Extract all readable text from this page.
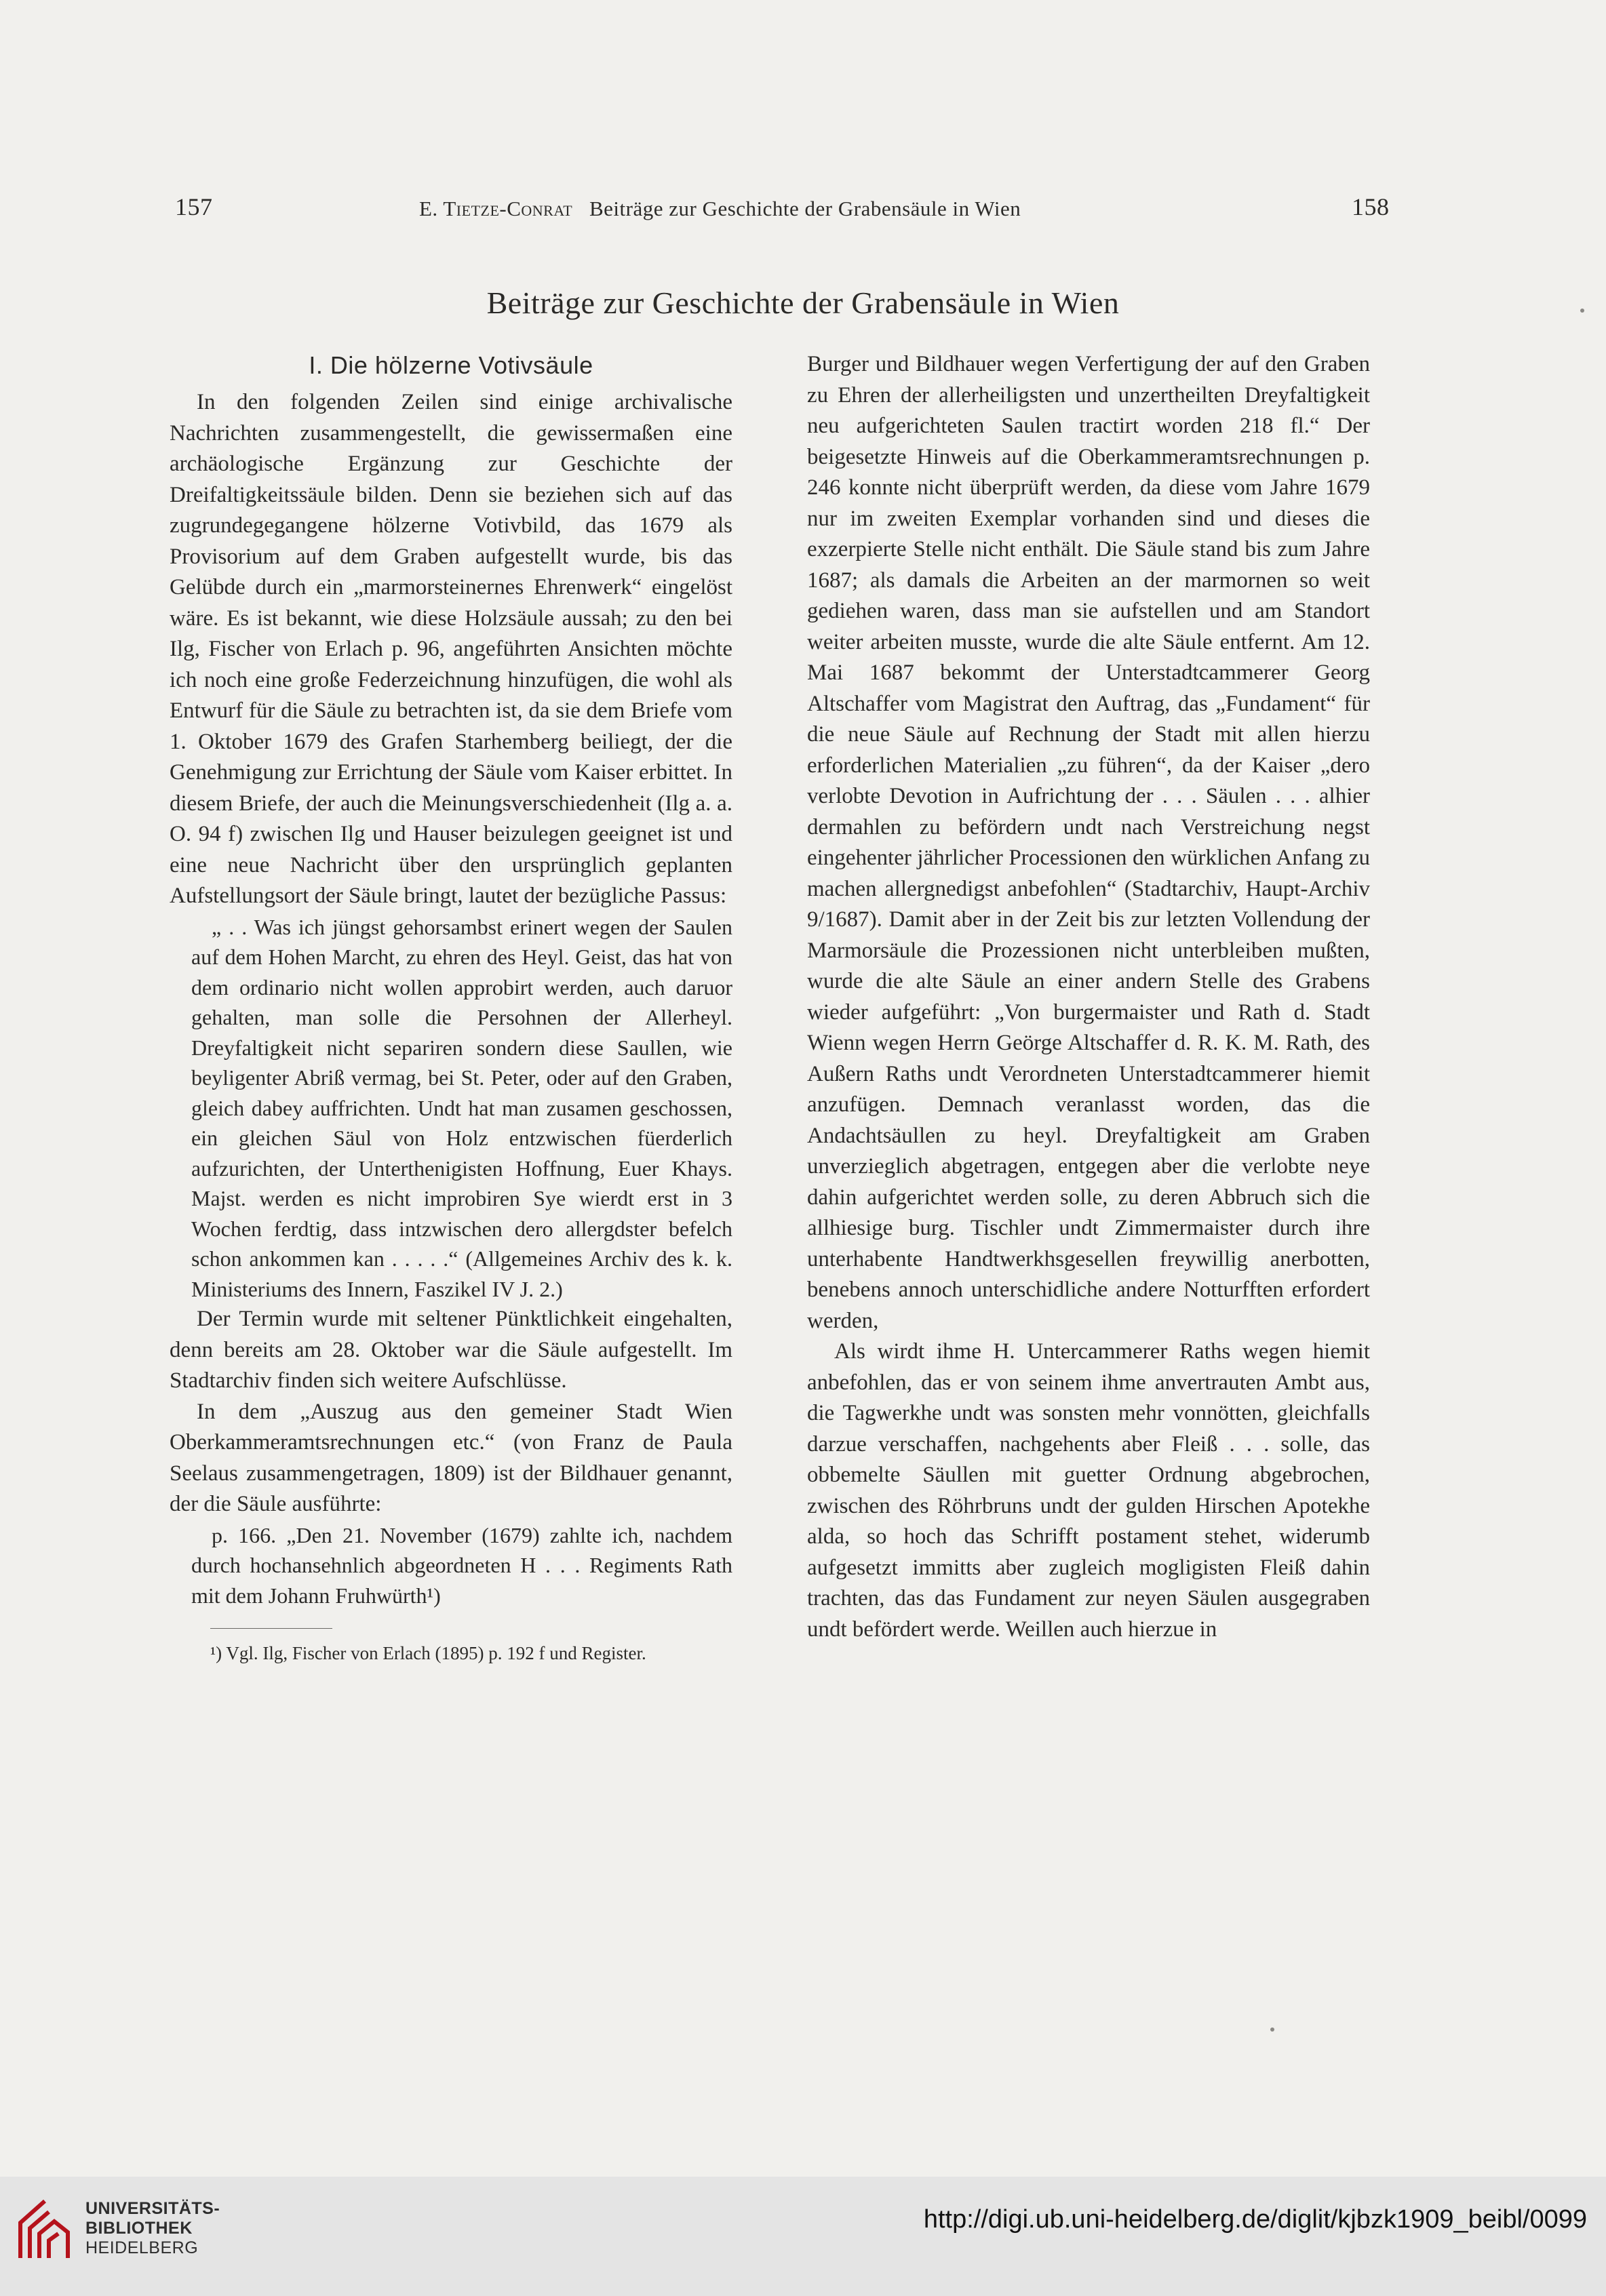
157	E. Tietze-Conrat Beiträge zur Geschichte der Grabensäule in Wien	158
Beiträge zur Geschichte der Grabensäule in Wien
I. Die hölzerne Votivsäule

In den folgenden Zeilen sind einige archivalische Nachrichten zusammengestellt, die gewissermaßen eine archäologische Ergänzung zur Geschichte der Dreifaltigkeitssäule bilden. Denn sie beziehen sich auf das zugrundegegangene hölzerne Votivbild, das 1679 als Provisorium auf dem Graben aufgestellt wurde, bis das Gelübde durch ein „marmorsteinernes Ehrenwerk“ eingelöst wäre. Es ist bekannt, wie diese Holzsäule aussah; zu den bei Ilg, Fischer von Erlach p. 96, angeführten Ansichten möchte ich noch eine große Federzeichnung hinzufügen, die wohl als Entwurf für die Säule zu betrachten ist, da sie dem Briefe vom 1. Oktober 1679 des Grafen Starhemberg beiliegt, der die Genehmigung zur Errichtung der Säule vom Kaiser erbittet. In diesem Briefe, der auch die Meinungsverschiedenheit (Ilg a. a. O. 94 f) zwischen Ilg und Hauser beizulegen geeignet ist und eine neue Nachricht über den ursprünglich geplanten Aufstellungsort der Säule bringt, lautet der bezügliche Passus:

„ . . Was ich jüngst gehorsambst erinert wegen der Saulen auf dem Hohen Marcht, zu ehren des Heyl. Geist, das hat von dem ordinario nicht wollen approbirt werden, auch daruor gehalten, man solle die Persohnen der Allerheyl. Dreyfaltigkeit nicht separiren sondern diese Saullen, wie beyligenter Abriß vermag, bei St. Peter, oder auf den Graben, gleich dabey auffrichten. Undt hat man zusamen geschossen, ein gleichen Säul von Holz entzwischen füerderlich aufzurichten, der Unterthenigisten Hoffnung, Euer Khays. Majst. werden es nicht improbiren Sye wierdt erst in 3 Wochen ferdtig, dass intzwischen dero allergdster befelch schon ankommen kan . . . . .“ (Allgemeines Archiv des k. k. Ministeriums des Innern, Faszikel IV J. 2.)

Der Termin wurde mit seltener Pünktlichkeit eingehalten, denn bereits am 28. Oktober war die Säule aufgestellt. Im Stadtarchiv finden sich weitere Aufschlüsse.

In dem „Auszug aus den gemeiner Stadt Wien Oberkammeramtsrechnungen etc.“ (von Franz de Paula Seelaus zusammengetragen, 1809) ist der Bildhauer genannt, der die Säule ausführte:

p. 166. „Den 21. November (1679) zahlte ich, nachdem durch hochansehnlich abgeordneten H . . . Regiments Rath mit dem Johann Fruhwürth¹)

¹) Vgl. Ilg, Fischer von Erlach (1895) p. 192 f und Register.

Burger und Bildhauer wegen Verfertigung der auf den Graben zu Ehren der allerheiligsten und unzertheilten Dreyfaltigkeit neu aufgerichteten Saulen tractirt worden 218 fl.“ Der beigesetzte Hinweis auf die Oberkammeramtsrechnungen p. 246 konnte nicht überprüft werden, da diese vom Jahre 1679 nur im zweiten Exemplar vorhanden sind und dieses die exzerpierte Stelle nicht enthält. Die Säule stand bis zum Jahre 1687; als damals die Arbeiten an der marmornen so weit gediehen waren, dass man sie aufstellen und am Standort weiter arbeiten musste, wurde die alte Säule entfernt. Am 12. Mai 1687 bekommt der Unterstadtcammerer Georg Altschaffer vom Magistrat den Auftrag, das „Fundament“ für die neue Säule auf Rechnung der Stadt mit allen hierzu erforderlichen Materialien „zu führen“, da der Kaiser „dero verlobte Devotion in Aufrichtung der . . . Säulen . . . alhier dermahlen zu befördern undt nach Verstreichung negst eingehenter jährlicher Processionen den würklichen Anfang zu machen allergnedigst anbefohlen“ (Stadtarchiv, Haupt-Archiv 9/1687). Damit aber in der Zeit bis zur letzten Vollendung der Marmorsäule die Prozessionen nicht unterbleiben mußten, wurde die alte Säule an einer andern Stelle des Grabens wieder aufgeführt: „Von burgermaister und Rath d. Stadt Wienn wegen Herrn Geörge Altschaffer d. R. K. M. Rath, des Außern Raths undt Verordneten Unterstadtcammerer hiemit anzufügen. Demnach veranlasst worden, das die Andachtsäullen zu heyl. Dreyfaltigkeit am Graben unverzieglich abgetragen, entgegen aber die verlobte neye dahin aufgerichtet werden solle, zu deren Abbruch sich die allhiesige burg. Tischler undt Zimmermaister durch ihre unterhabente Handtwerkhsgesellen freywillig anerbotten, benebens annoch unterschidliche andere Notturfften erfordert werden,

Als wirdt ihme H. Untercammerer Raths wegen hiemit anbefohlen, das er von seinem ihme anvertrauten Ambt aus, die Tagwerkhe undt was sonsten mehr vonnötten, gleichfalls darzue verschaffen, nachgehents aber Fleiß . . . solle, das obbemelte Säullen mit guetter Ordnung abgebrochen, zwischen des Röhrbruns undt der gulden Hirschen Apotekhe alda, so hoch das Schrifft postament stehet, widerumb aufgesetzt immitts aber zugleich mogligisten Fleiß dahin trachten, das das Fundament zur neyen Säulen ausgegraben undt befördert werde. Weillen auch hierzue in

UNIVERSITÄTS-
BIBLIOTHEK
HEIDELBERG
http://digi.ub.uni-heidelberg.de/diglit/kjbzk1909_beibl/0099
